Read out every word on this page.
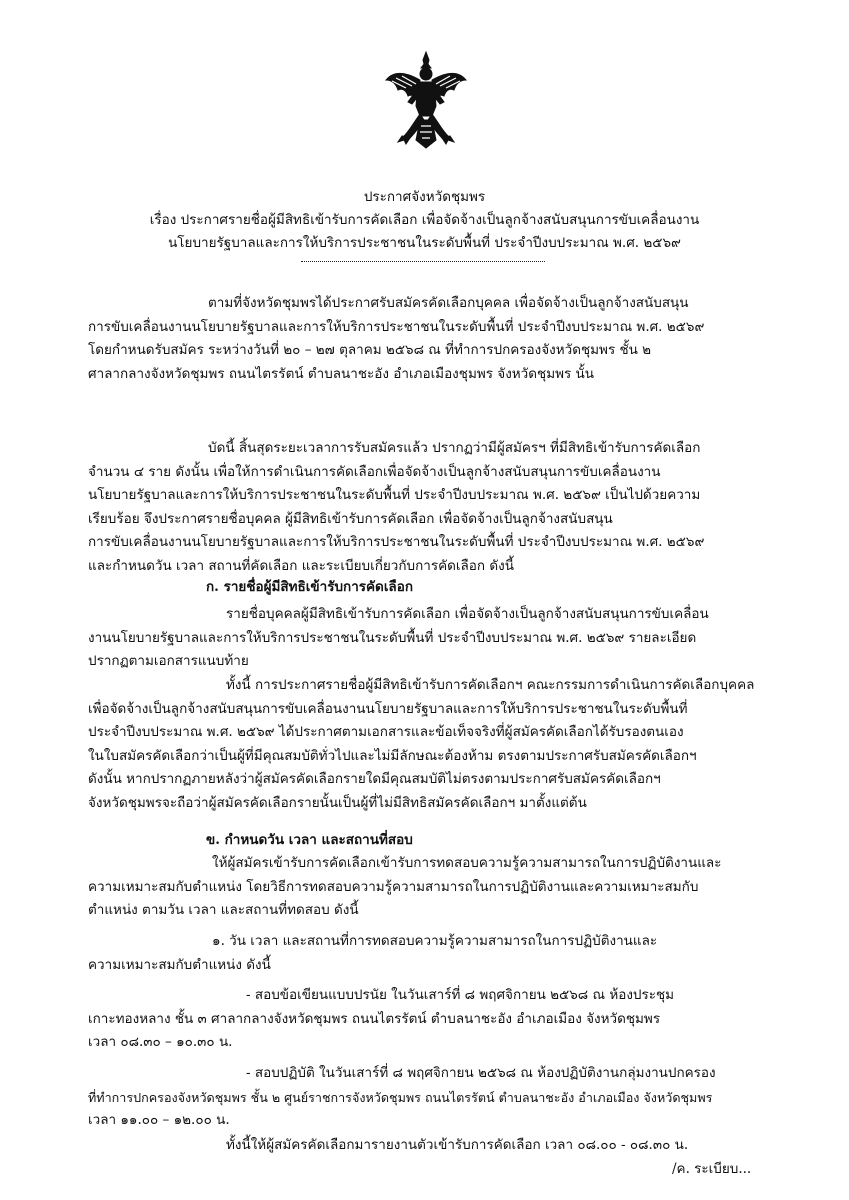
ประกาศจังหวัดชุมพร
เรื่อง ประกาศรายชื่อผู้มีสิทธิเข้ารับการคัดเลือก เพื่อจัดจ้างเป็นลูกจ้างสนับสนุนการขับเคลื่อนงาน
นโยบายรัฐบาลและการให้บริการประชาชนในระดับพื้นที่ ประจำปีงบประมาณ พ.ศ. ๒๕๖๙
ตามที่จังหวัดชุมพรได้ประกาศรับสมัครคัดเลือกบุคคล เพื่อจัดจ้างเป็นลูกจ้างสนับสนุน
การขับเคลื่อนงานนโยบายรัฐบาลและการให้บริการประชาชนในระดับพื้นที่ ประจำปีงบประมาณ พ.ศ. ๒๕๖๙
โดยกำหนดรับสมัคร ระหว่างวันที่ ๒๐ – ๒๗ ตุลาคม ๒๕๖๘ ณ ที่ทำการปกครองจังหวัดชุมพร ชั้น ๒
ศาลากลางจังหวัดชุมพร ถนนไตรรัตน์ ตำบลนาชะอัง อำเภอเมืองชุมพร จังหวัดชุมพร นั้น
บัดนี้ สิ้นสุดระยะเวลาการรับสมัครแล้ว ปรากฏว่ามีผู้สมัครฯ ที่มีสิทธิเข้ารับการคัดเลือก
จำนวน ๔ ราย ดังนั้น เพื่อให้การดำเนินการคัดเลือกเพื่อจัดจ้างเป็นลูกจ้างสนับสนุนการขับเคลื่อนงาน
นโยบายรัฐบาลและการให้บริการประชาชนในระดับพื้นที่ ประจำปีงบประมาณ พ.ศ. ๒๕๖๙ เป็นไปด้วยความ
เรียบร้อย จึงประกาศรายชื่อบุคคล ผู้มีสิทธิเข้ารับการคัดเลือก เพื่อจัดจ้างเป็นลูกจ้างสนับสนุน
การขับเคลื่อนงานนโยบายรัฐบาลและการให้บริการประชาชนในระดับพื้นที่ ประจำปีงบประมาณ พ.ศ. ๒๕๖๙
และกำหนดวัน เวลา สถานที่คัดเลือก และระเบียบเกี่ยวกับการคัดเลือก ดังนี้
ก. รายชื่อผู้มีสิทธิเข้ารับการคัดเลือก
รายชื่อบุคคลผู้มีสิทธิเข้ารับการคัดเลือก เพื่อจัดจ้างเป็นลูกจ้างสนับสนุนการขับเคลื่อน
งานนโยบายรัฐบาลและการให้บริการประชาชนในระดับพื้นที่ ประจำปีงบประมาณ พ.ศ. ๒๕๖๙ รายละเอียด
ปรากฏตามเอกสารแนบท้าย
ทั้งนี้ การประกาศรายชื่อผู้มีสิทธิเข้ารับการคัดเลือกฯ คณะกรรมการดำเนินการคัดเลือกบุคคล
เพื่อจัดจ้างเป็นลูกจ้างสนับสนุนการขับเคลื่อนงานนโยบายรัฐบาลและการให้บริการประชาชนในระดับพื้นที่
ประจำปีงบประมาณ พ.ศ. ๒๕๖๙ ได้ประกาศตามเอกสารและข้อเท็จจริงที่ผู้สมัครคัดเลือกได้รับรองตนเอง
ในใบสมัครคัดเลือกว่าเป็นผู้ที่มีคุณสมบัติทั่วไปและไม่มีลักษณะต้องห้าม ตรงตามประกาศรับสมัครคัดเลือกฯ
ดังนั้น หากปรากฏภายหลังว่าผู้สมัครคัดเลือกรายใดมีคุณสมบัติไม่ตรงตามประกาศรับสมัครคัดเลือกฯ
จังหวัดชุมพรจะถือว่าผู้สมัครคัดเลือกรายนั้นเป็นผู้ที่ไม่มีสิทธิสมัครคัดเลือกฯ มาตั้งแต่ต้น
ข. กำหนดวัน เวลา และสถานที่สอบ
ให้ผู้สมัครเข้ารับการคัดเลือกเข้ารับการทดสอบความรู้ความสามารถในการปฏิบัติงานและ
ความเหมาะสมกับตำแหน่ง โดยวิธีการทดสอบความรู้ความสามารถในการปฏิบัติงานและความเหมาะสมกับ
ตำแหน่ง ตามวัน เวลา และสถานที่ทดสอบ ดังนี้
๑. วัน เวลา และสถานที่การทดสอบความรู้ความสามารถในการปฏิบัติงานและ
ความเหมาะสมกับตำแหน่ง ดังนี้
- สอบข้อเขียนแบบปรนัย ในวันเสาร์ที่ ๘ พฤศจิกายน ๒๕๖๘ ณ ห้องประชุม
เกาะทองหลาง ชั้น ๓ ศาลากลางจังหวัดชุมพร ถนนไตรรัตน์ ตำบลนาชะอัง อำเภอเมือง จังหวัดชุมพร
เวลา ๐๘.๓๐ – ๑๐.๓๐ น.
- สอบปฏิบัติ ในวันเสาร์ที่ ๘ พฤศจิกายน ๒๕๖๘ ณ ห้องปฏิบัติงานกลุ่มงานปกครอง
ที่ทำการปกครองจังหวัดชุมพร ชั้น ๒ ศูนย์ราชการจังหวัดชุมพร ถนนไตรรัตน์ ตำบลนาชะอัง อำเภอเมือง จังหวัดชุมพร
เวลา ๑๑.๐๐ – ๑๒.๐๐ น.
ทั้งนี้ให้ผู้สมัครคัดเลือกมารายงานตัวเข้ารับการคัดเลือก เวลา ๐๘.๐๐ - ๐๘.๓๐ น.
/ค. ระเบียบ...
